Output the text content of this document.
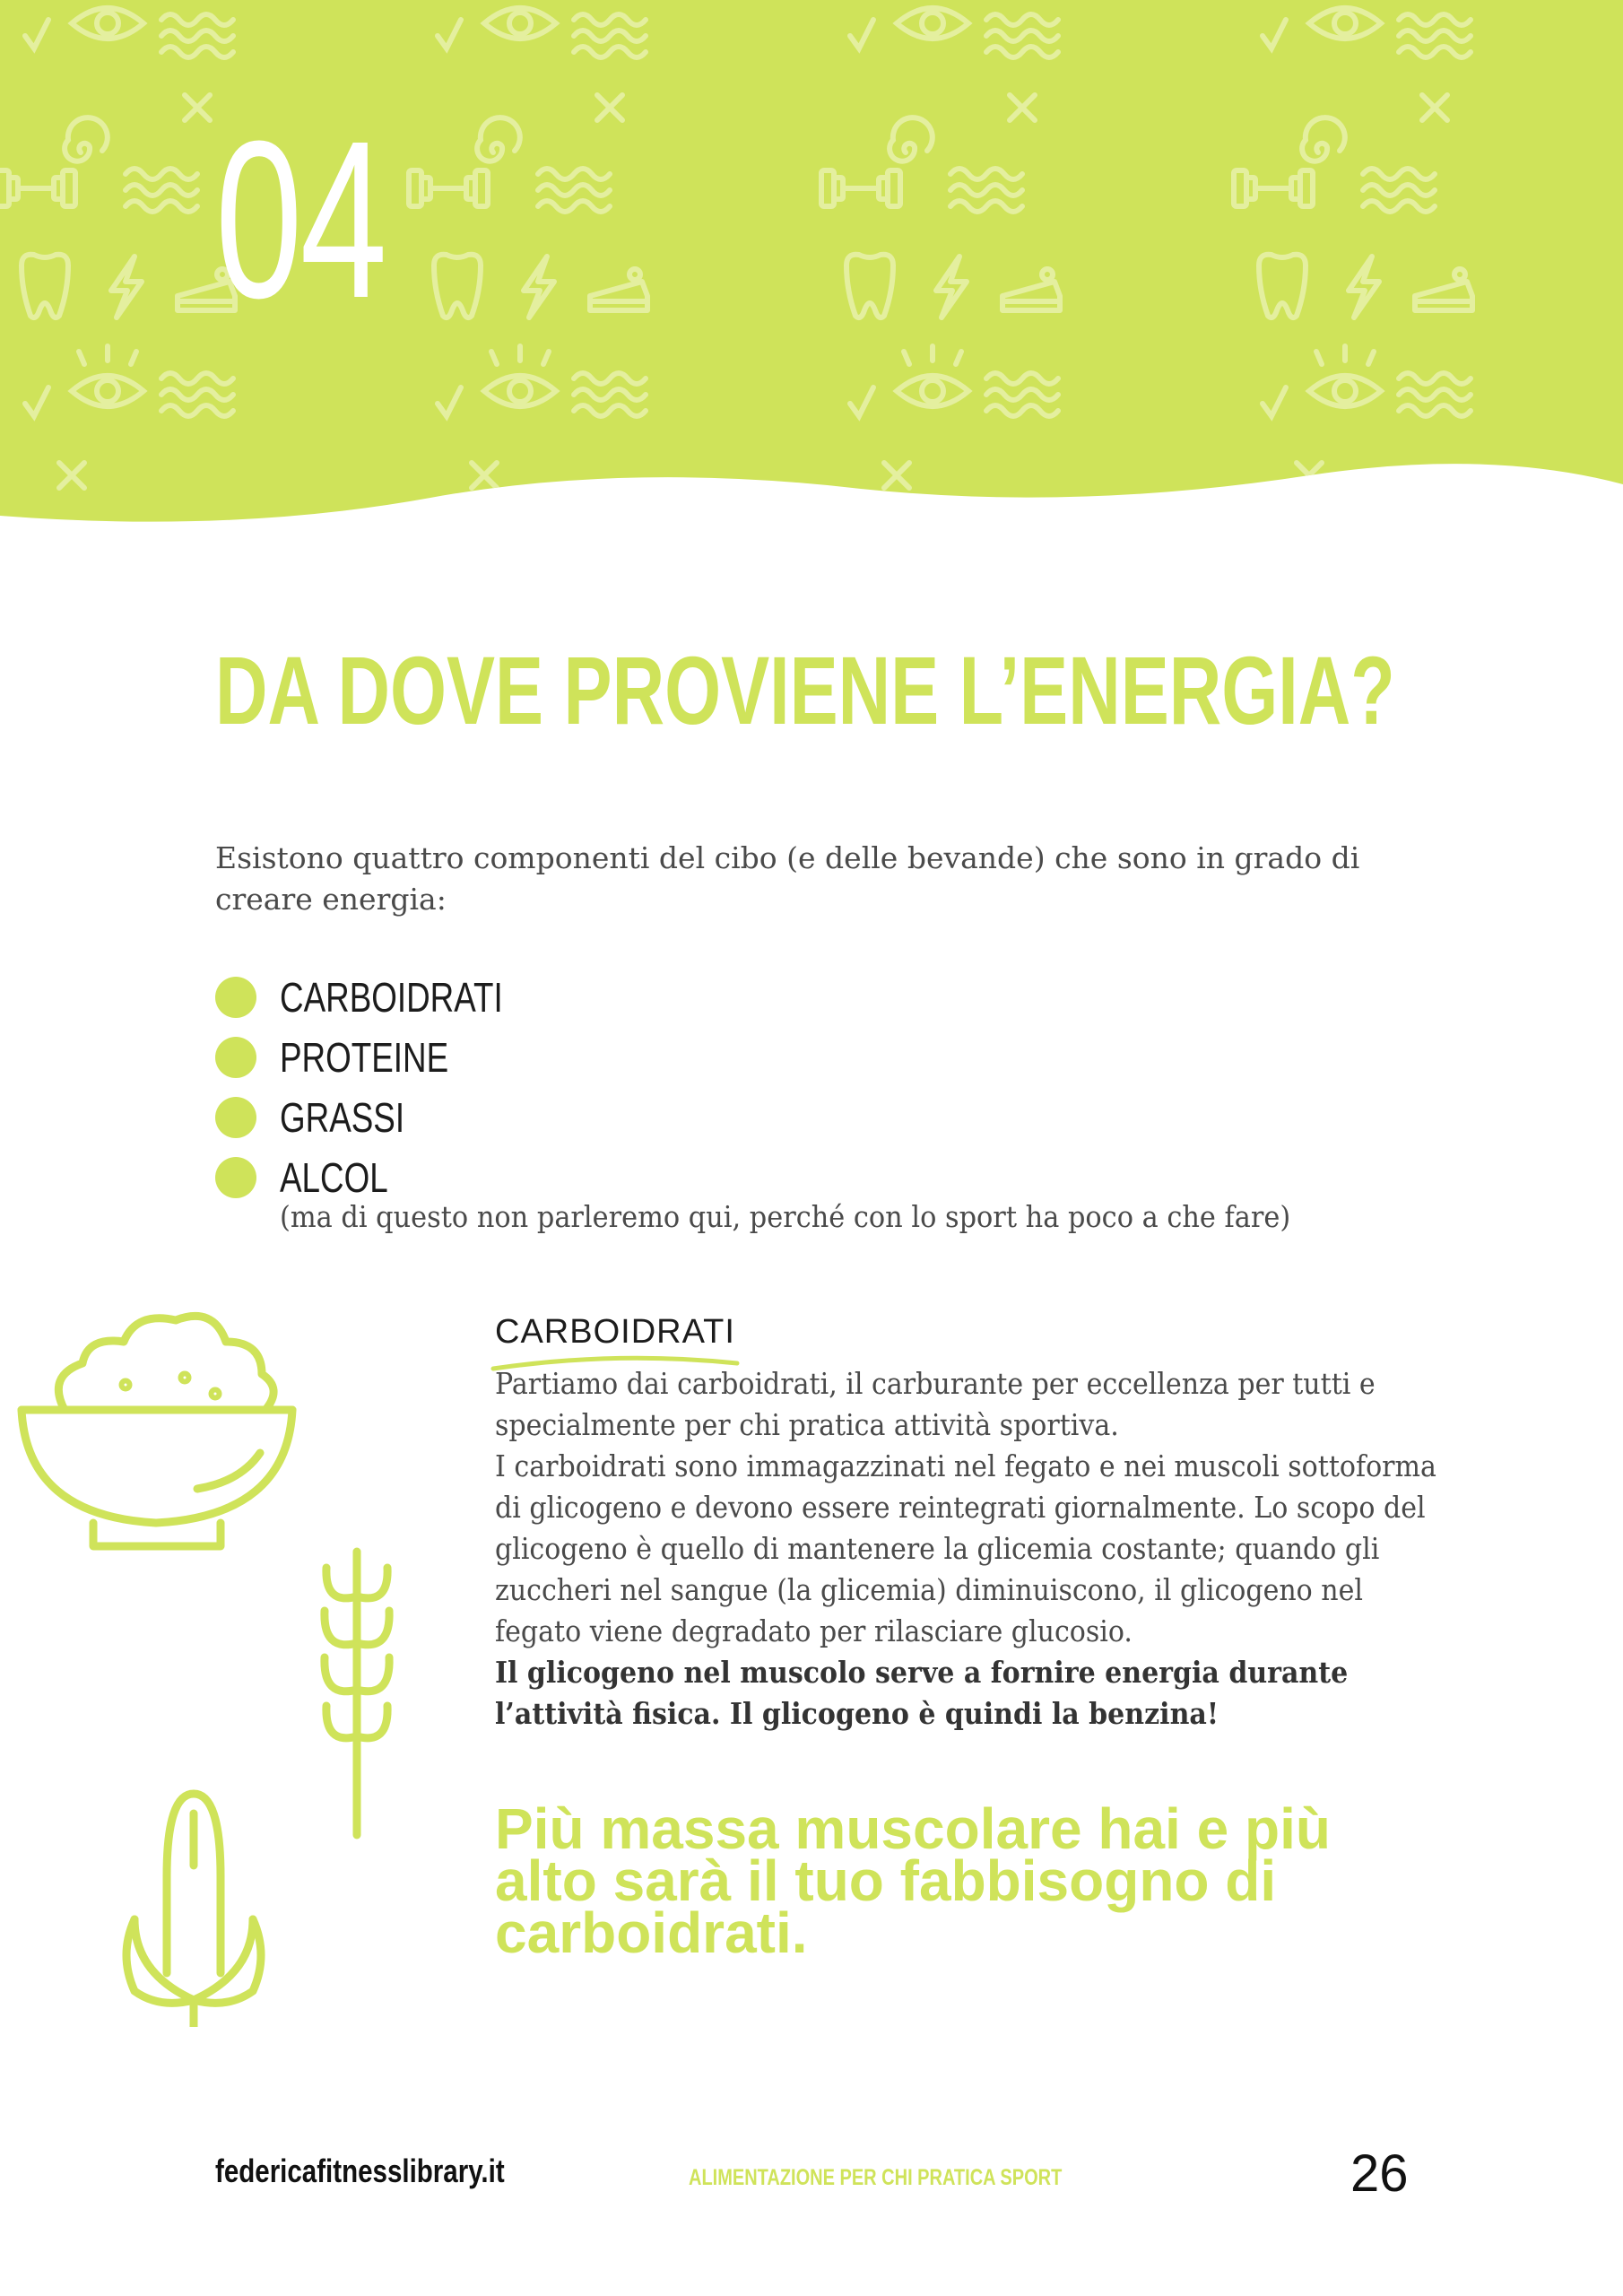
04
DA DOVE PROVIENE L’ENERGIA?

Esistono quattro componenti del cibo (e delle bevande) che sono in grado di creare energia:

CARBOIDRATI
PROTEINE
GRASSI
ALCOL

(ma di questo non parleremo qui, perché con lo sport ha poco a che fare)

CARBOIDRATI

Partiamo dai carboidrati, il carburante per eccellenza per tutti e specialmente per chi pratica attività sportiva.

I carboidrati sono immagazzinati nel fegato e nei muscoli sottoforma di glicogeno e devono essere reintegrati giornalmente. Lo scopo del glicogeno è quello di mantenere la glicemia costante; quando gli zuccheri nel sangue (la glicemia) diminuiscono, il glicogeno nel fegato viene degradato per rilasciare glucosio.

Il glicogeno nel muscolo serve a fornire energia durante l’attività fisica. Il glicogeno è quindi la benzina!

Più massa muscolare hai e più alto sarà il tuo fabbisogno di carboidrati.

federicafitnesslibrary.it	ALIMENTAZIONE PER CHI PRATICA SPORT	26
